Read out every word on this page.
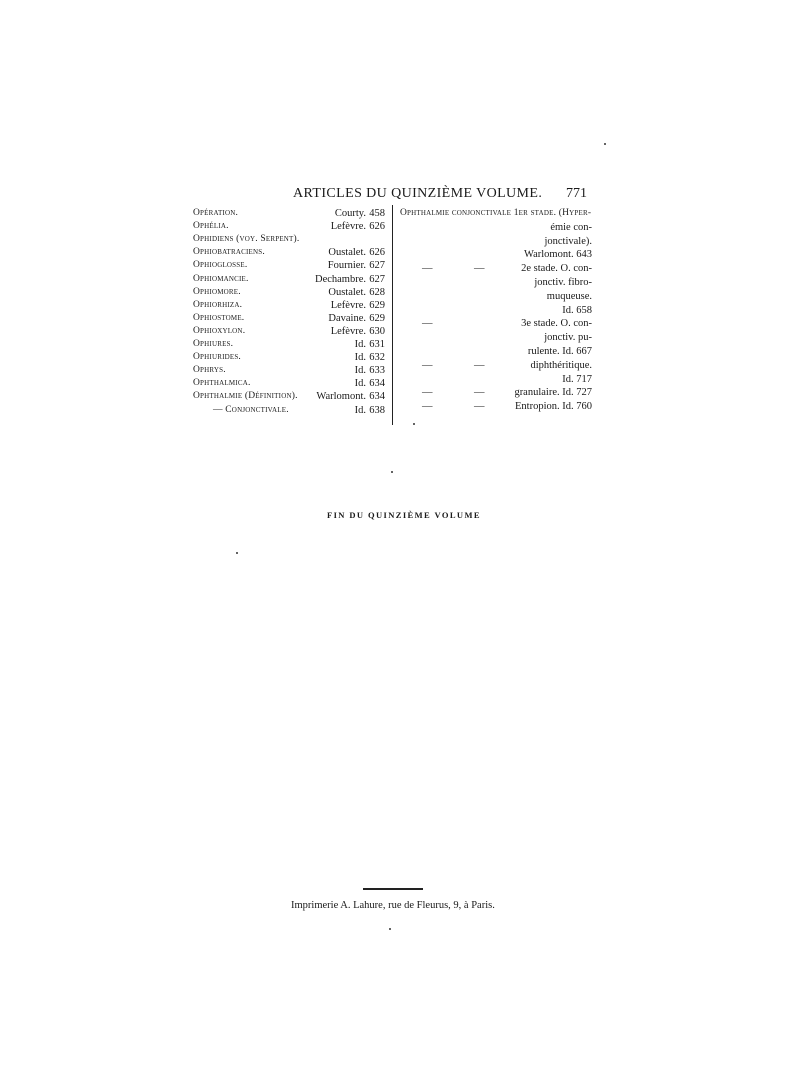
ARTICLES DU QUINZIÈME VOLUME. 771
Opération.	Courty. 458
Ophélia.	Lefèvre. 626
Ophidiens (voy. Serpent).
Ophiobatraciens.	Oustalet. 626
Ophioglosse.	Fournier. 627
Ophiomancie.	Dechambre. 627
Ophiomore.	Oustalet. 628
Ophiorhiza.	Lefèvre. 629
Ophiostome.	Davaine. 629
Ophioxylon.	Lefèvre. 630
Ophiures.	Id. 631
Ophiurides.	Id. 632
Ophrys.	Id. 633
Ophthalmica.	Id. 634
Ophthalmie (Définition).	Warlomont. 634
— Conjonctivale.	Id. 638
Ophthalmie conjonctivale 1er stade. (Hyper-
émie con-
jonctivale).
Warlomont. 643
—	—	2e stade. O. con-
jonctiv. fibro-
muqueuse.
Id. 658
—	3e stade. O. con-
jonctiv. pu-
rulente. Id. 667
—	—	diphthéritique.
Id. 717
—	—	granulaire. Id. 727
—	—	Entropion. Id. 760
FIN DU QUINZIÈME VOLUME
Imprimerie A. Lahure, rue de Fleurus, 9, à Paris.
